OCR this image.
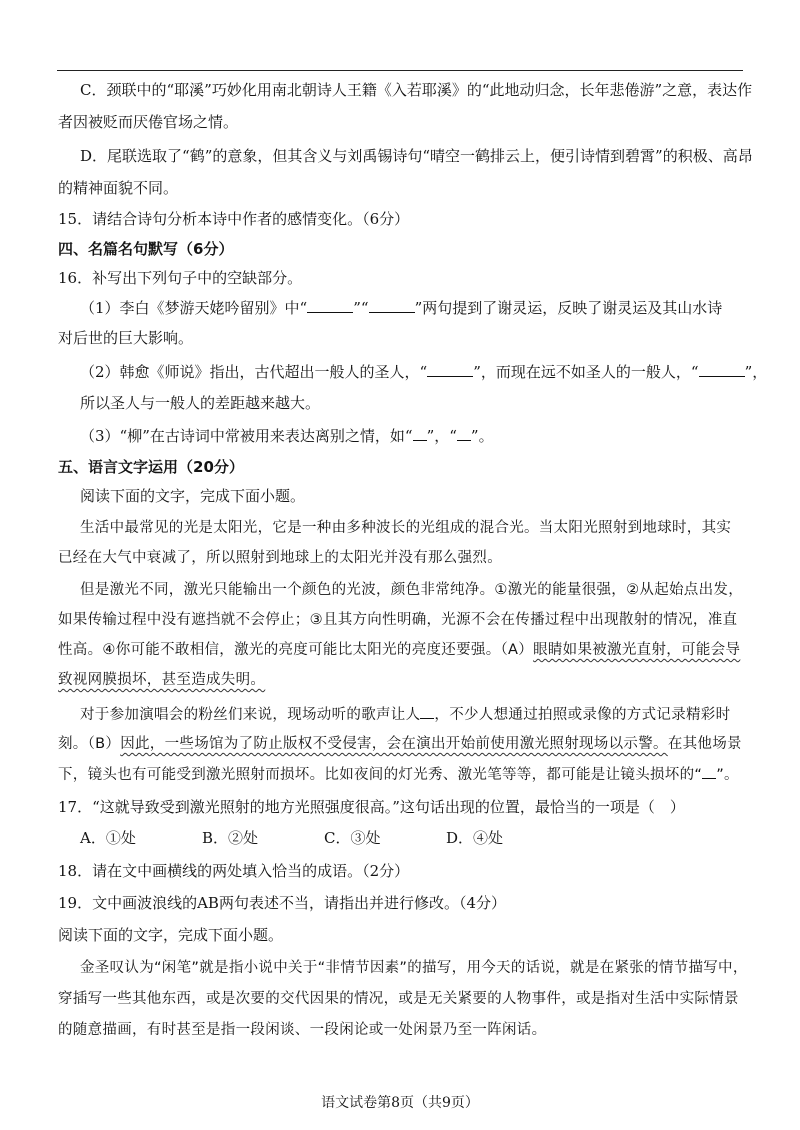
C．颈联中的“耶溪”巧妙化用南北朝诗人王籍《入若耶溪》的“此地动归念，长年悲倦游”之意，表达作
者因被贬而厌倦官场之情。
D．尾联选取了“鹤”的意象，但其含义与刘禹锡诗句“晴空一鹤排云上，便引诗情到碧霄”的积极、高昂
的精神面貌不同。
15．请结合诗句分析本诗中作者的感情变化。（6分）
四、名篇名句默写（6分）
16．补写出下列句子中的空缺部分。
（1）李白《梦游天姥吟留别》中“	”“	”两句提到了谢灵运，反映了谢灵运及其山水诗
对后世的巨大影响。
（2）韩愈《师说》指出，古代超出一般人的圣人，“	”，而现在远不如圣人的一般人，“	”，
所以圣人与一般人的差距越来越大。
（3）“柳”在古诗词中常被用来表达离别之情，如“ ”，“ ”。
五、语言文字运用（20分）
阅读下面的文字，完成下面小题。
生活中最常见的光是太阳光，它是一种由多种波长的光组成的混合光。当太阳光照射到地球时，其实
已经在大气中衰减了，所以照射到地球上的太阳光并没有那么强烈。
但是激光不同，激光只能输出一个颜色的光波，颜色非常纯净。①激光的能量很强，②从起始点出发，
如果传输过程中没有遮挡就不会停止；③且其方向性明确，光源不会在传播过程中出现散射的情况，准直
性高。④你可能不敢相信，激光的亮度可能比太阳光的亮度还要强。（A）眼睛如果被激光直射，可能会导
致视网膜损坏，甚至造成失明。
对于参加演唱会的粉丝们来说，现场动听的歌声让人 ，不少人想通过拍照或录像的方式记录精彩时
刻。（B）因此，一些场馆为了防止版权不受侵害，会在演出开始前使用激光照射现场以示警。在其他场景
下，镜头也有可能受到激光照射而损坏。比如夜间的灯光秀、激光笔等等，都可能是让镜头损坏的“ ”。
17．“这就导致受到激光照射的地方光照强度很高。”这句话出现的位置，最恰当的一项是（　）
A．①处	B．②处	C．③处	D．④处
18．请在文中画横线的两处填入恰当的成语。（2分）
19．文中画波浪线的AB两句表述不当，请指出并进行修改。（4分）
阅读下面的文字，完成下面小题。
金圣叹认为“闲笔”就是指小说中关于“非情节因素”的描写，用今天的话说，就是在紧张的情节描写中，
穿插写一些其他东西，或是次要的交代因果的情况，或是无关紧要的人物事件，或是指对生活中实际情景
的随意描画，有时甚至是指一段闲谈、一段闲论或一处闲景乃至一阵闲话。
语文试卷第8页（共9页）
